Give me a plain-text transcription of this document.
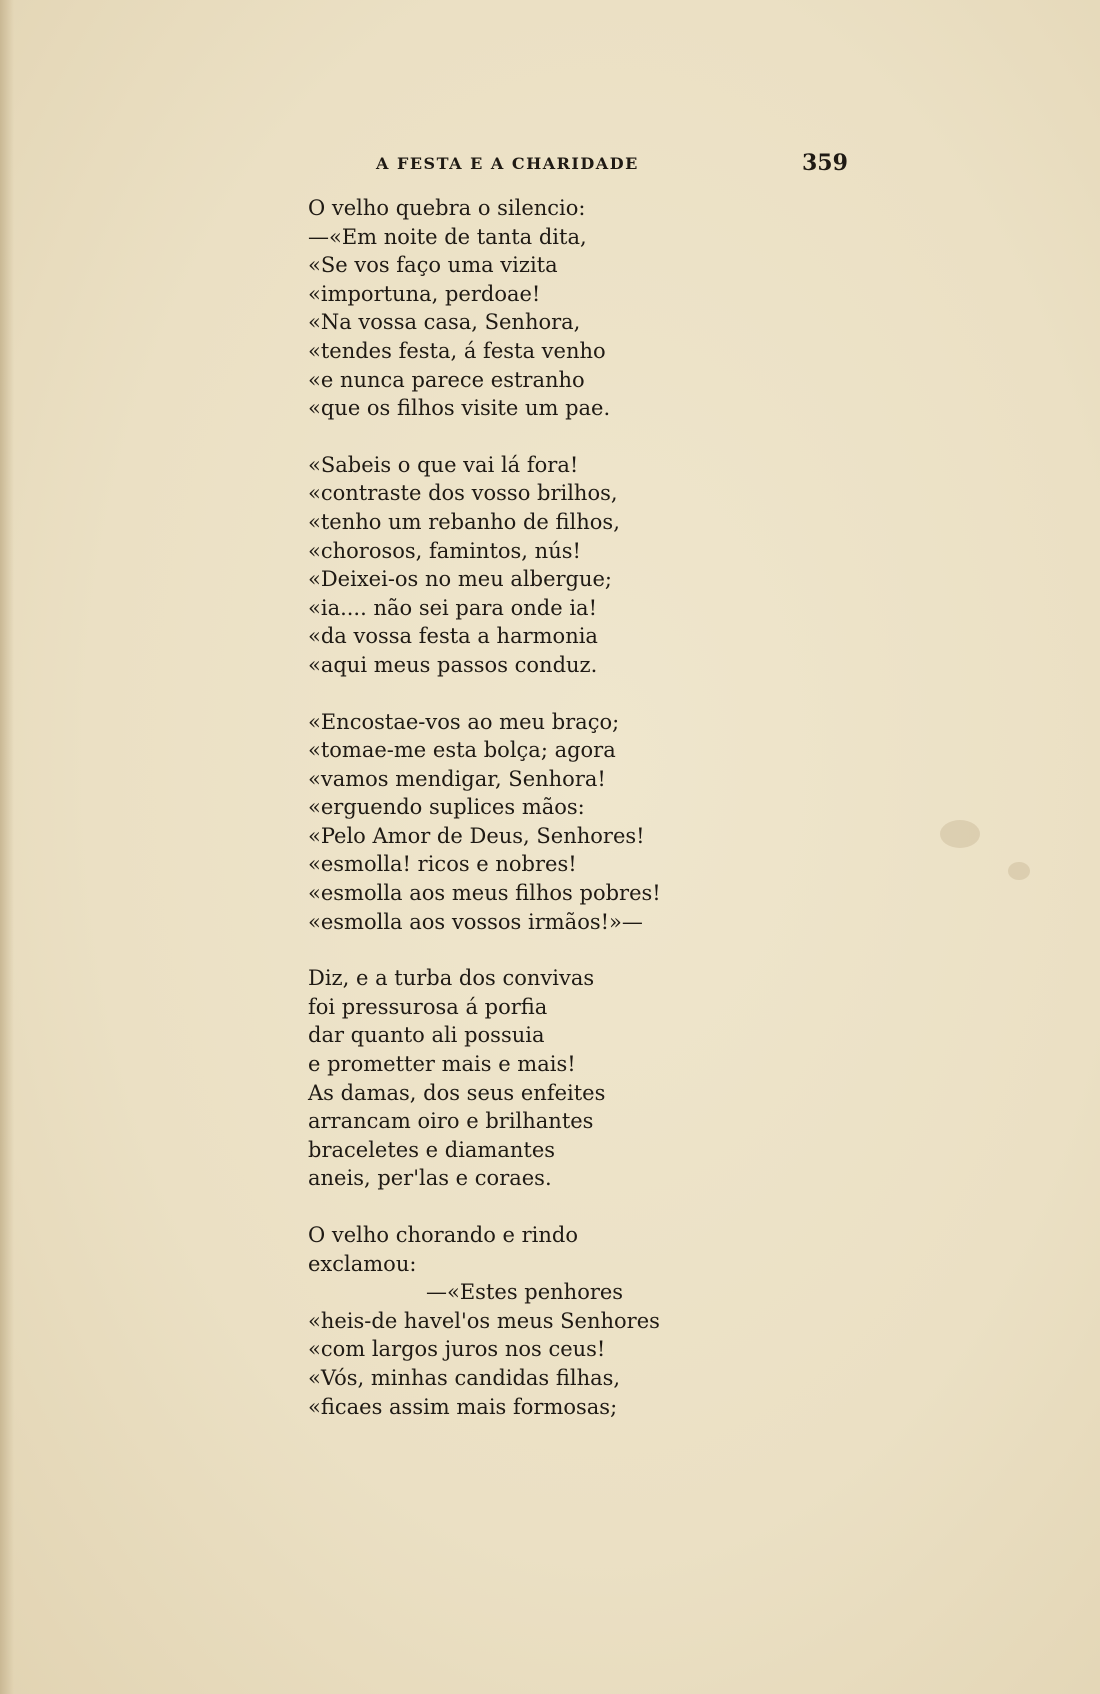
A FESTA E A CHARIDADE	359
O velho quebra o silencio:
—«Em noite de tanta dita,
«Se vos faço uma vizita
«importuna, perdoae!
«Na vossa casa, Senhora,
«tendes festa, á festa venho
«e nunca parece estranho
«que os filhos visite um pae.
«Sabeis o que vai lá fora!
«contraste dos vosso brilhos,
«tenho um rebanho de filhos,
«chorosos, famintos, nús!
«Deixei-os no meu albergue;
«ia.... não sei para onde ia!
«da vossa festa a harmonia
«aqui meus passos conduz.
«Encostae-vos ao meu braço;
«tomae-me esta bolça; agora
«vamos mendigar, Senhora!
«erguendo suplices mãos:
«Pelo Amor de Deus, Senhores!
«esmolla! ricos e nobres!
«esmolla aos meus filhos pobres!
«esmolla aos vossos irmãos!»—
Diz, e a turba dos convivas
foi pressurosa á porfia
dar quanto ali possuia
e prometter mais e mais!
As damas, dos seus enfeites
arrancam oiro e brilhantes
braceletes e diamantes
aneis, per'las e coraes.
O velho chorando e rindo
exclamou:
—«Estes penhores
«heis-de havel'os meus Senhores
«com largos juros nos ceus!
«Vós, minhas candidas filhas,
«ficaes assim mais formosas;
